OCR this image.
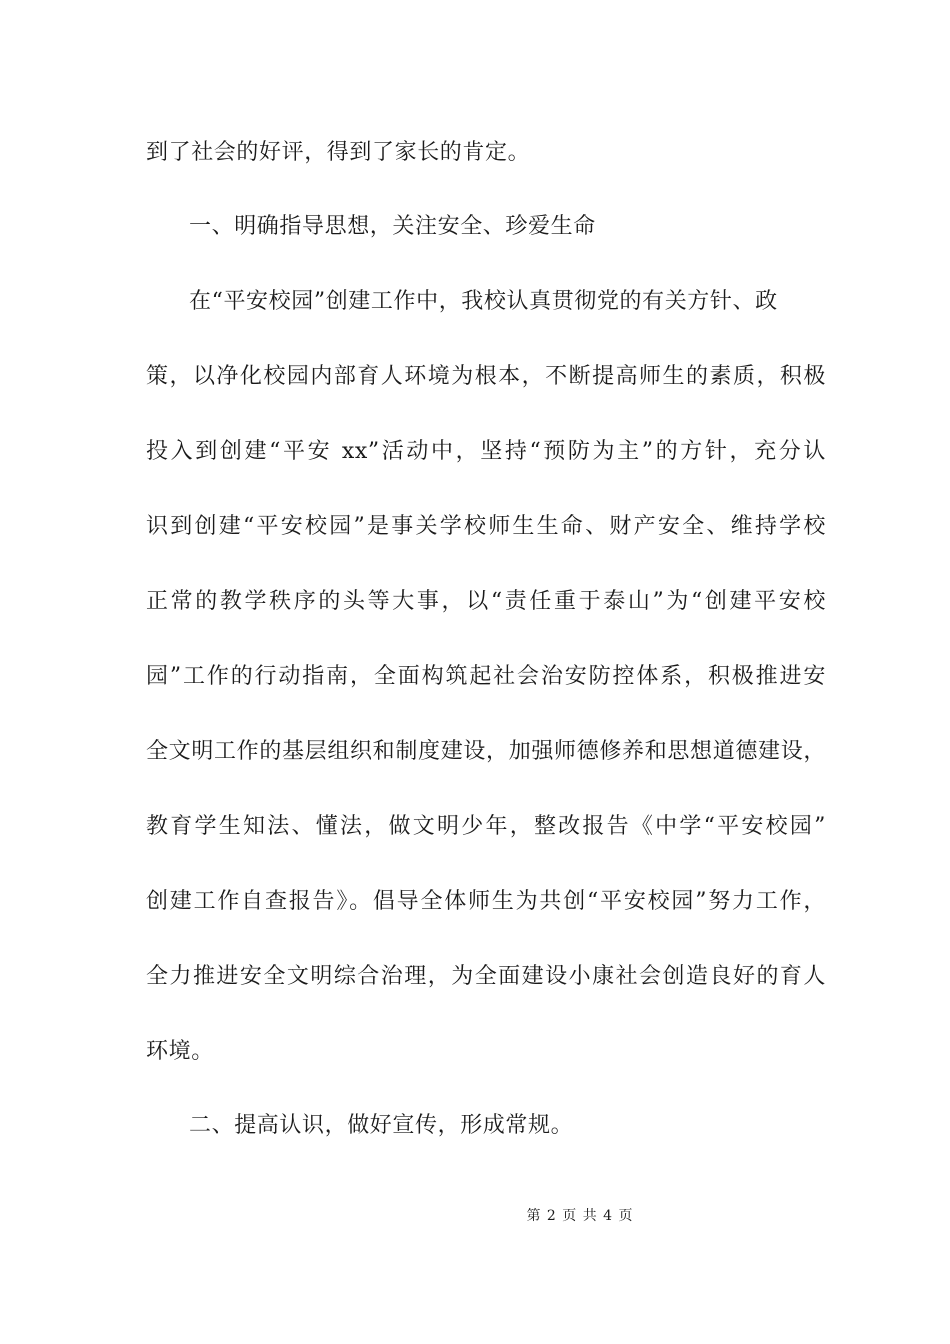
到了社会的好评，得到了家长的肯定。
一、明确指导思想，关注安全、珍爱生命
在“平安校园”创建工作中，我校认真贯彻党的有关方针、政
策，以净化校园内部育人环境为根本，不断提高师生的素质，积极
投入到创建“平安 xx”活动中，坚持“预防为主”的方针，充分认
识到创建“平安校园”是事关学校师生生命、财产安全、维持学校
正常的教学秩序的头等大事，以“责任重于泰山”为“创建平安校
园”工作的行动指南，全面构筑起社会治安防控体系，积极推进安
全文明工作的基层组织和制度建设，加强师德修养和思想道德建设，
教育学生知法、懂法，做文明少年，整改报告《中学“平安校园”
创建工作自查报告》。倡导全体师生为共创“平安校园”努力工作，
全力推进安全文明综合治理，为全面建设小康社会创造良好的育人
环境。
二、提高认识，做好宣传，形成常规。
第 2 页 共 4 页
